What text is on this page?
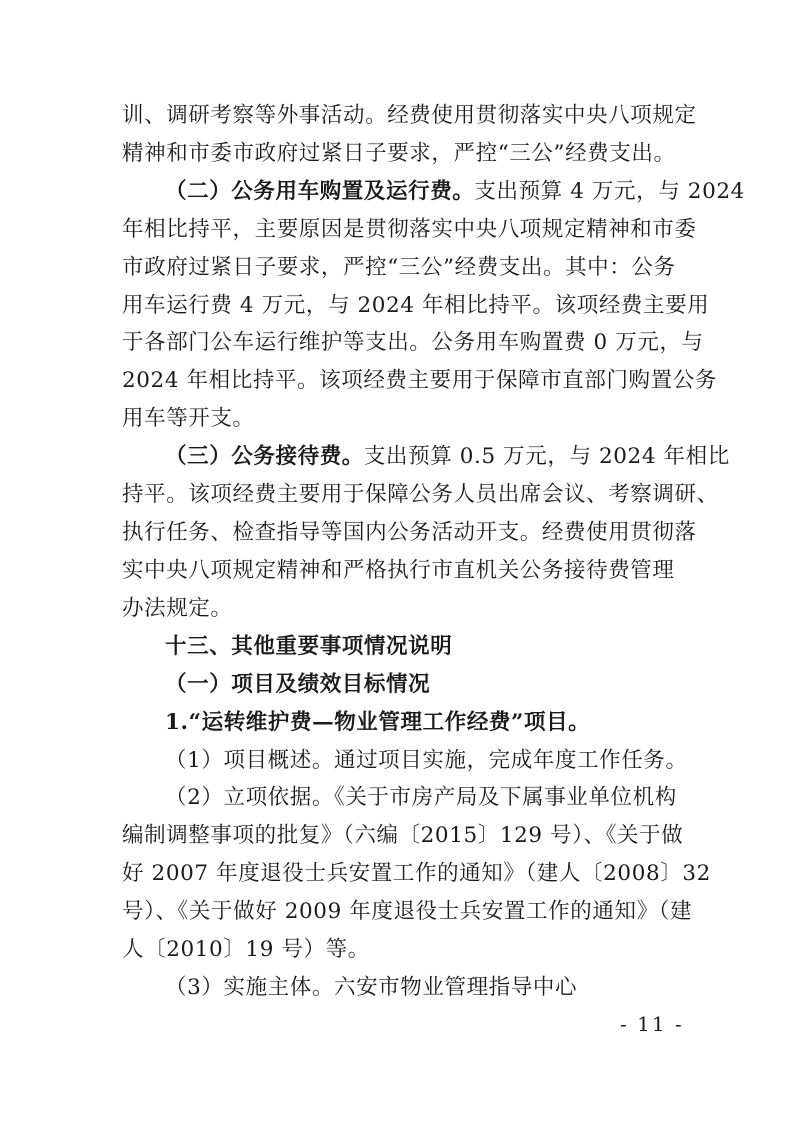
训、调研考察等外事活动。经费使用贯彻落实中央八项规定
精神和市委市政府过紧日子要求，严控“三公”经费支出。
（二）公务用车购置及运行费。支出预算 4 万元，与 2024
年相比持平，主要原因是贯彻落实中央八项规定精神和市委
市政府过紧日子要求，严控“三公”经费支出。其中：公务
用车运行费 4 万元，与 2024 年相比持平。该项经费主要用
于各部门公车运行维护等支出。公务用车购置费 0 万元，与
2024 年相比持平。该项经费主要用于保障市直部门购置公务
用车等开支。
（三）公务接待费。支出预算 0.5 万元，与 2024 年相比
持平。该项经费主要用于保障公务人员出席会议、考察调研、
执行任务、检查指导等国内公务活动开支。经费使用贯彻落
实中央八项规定精神和严格执行市直机关公务接待费管理
办法规定。
十三、其他重要事项情况说明
（一）项目及绩效目标情况
1.“运转维护费—物业管理工作经费”项目。
（1）项目概述。通过项目实施，完成年度工作任务。
（2）立项依据。《关于市房产局及下属事业单位机构
编制调整事项的批复》（六编〔2015〕129 号）、《关于做
好 2007 年度退役士兵安置工作的通知》（建人〔2008〕32
号）、《关于做好 2009 年度退役士兵安置工作的通知》（建
人〔2010〕19 号）等。
（3）实施主体。六安市物业管理指导中心
- 11 -
